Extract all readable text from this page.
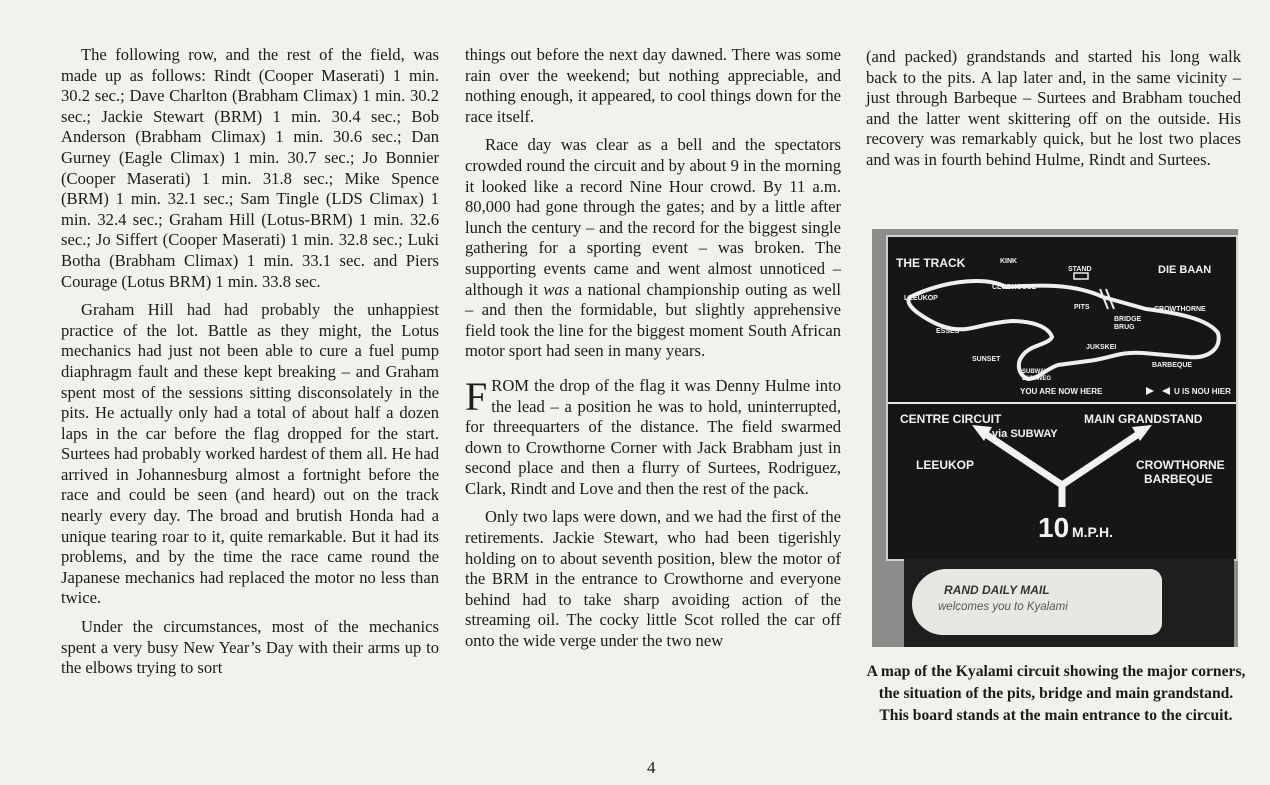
The following row, and the rest of the field, was made up as follows: Rindt (Cooper Maserati) 1 min. 30.2 sec.; Dave Charlton (Brabham Climax) 1 min. 30.2 sec.; Jackie Stewart (BRM) 1 min. 30.4 sec.; Bob Anderson (Brabham Climax) 1 min. 30.6 sec.; Dan Gurney (Eagle Climax) 1 min. 30.7 sec.; Jo Bonnier (Cooper Maserati) 1 min. 31.8 sec.; Mike Spence (BRM) 1 min. 32.1 sec.; Sam Tingle (LDS Climax) 1 min. 32.4 sec.; Graham Hill (Lotus-BRM) 1 min. 32.6 sec.; Jo Siffert (Cooper Maserati) 1 min. 32.8 sec.; Luki Botha (Brabham Climax) 1 min. 33.1 sec. and Piers Courage (Lotus BRM) 1 min. 33.8 sec.

Graham Hill had had probably the unhappiest practice of the lot. Battle as they might, the Lotus mechanics had just not been able to cure a fuel pump diaphragm fault and these kept breaking – and Graham spent most of the sessions sitting disconsolately in the pits. He actually only had a total of about half a dozen laps in the car before the flag dropped for the start. Surtees had probably worked hardest of them all. He had arrived in Johannesburg almost a fortnight before the race and could be seen (and heard) out on the track nearly every day. The broad and brutish Honda had a unique tearing roar to it, quite remarkable. But it had its problems, and by the time the race came round the Japanese mechanics had replaced the motor no less than twice.

Under the circumstances, most of the mechanics spent a very busy New Year’s Day with their arms up to the elbows trying to sort

things out before the next day dawned. There was some rain over the weekend; but nothing appreciable, and nothing enough, it appeared, to cool things down for the race itself.

Race day was clear as a bell and the spectators crowded round the circuit and by about 9 in the morning it looked like a record Nine Hour crowd. By 11 a.m. 80,000 had gone through the gates; and by a little after lunch the century – and the record for the biggest single gathering for a sporting event – was broken. The supporting events came and went almost unnoticed – although it was a national championship outing as well – and then the formidable, but slightly apprehensive field took the line for the biggest moment South African motor sport had seen in many years.

FROM the drop of the flag it was Denny Hulme into the lead – a position he was to hold, uninterrupted, for threequarters of the distance. The field swarmed down to Crowthorne Corner with Jack Brabham just in second place and then a flurry of Surtees, Rodriguez, Clark, Rindt and Love and then the rest of the pack.

Only two laps were down, and we had the first of the retirements. Jackie Stewart, who had been tigerishly holding on to about seventh position, blew the motor of the BRM in the entrance to Crowthorne and everyone behind had to take sharp avoiding action of the streaming oil. The cocky little Scot rolled the car off onto the wide verge under the two new

(and packed) grandstands and started his long walk back to the pits. A lap later and, in the same vicinity – just through Barbeque – Surtees and Brabham touched and the latter went skittering off on the outside. His recovery was remarkably quick, but he lost two places and was in fourth behind Hulme, Rindt and Surtees.

THE TRACK	DIE BAAN
KINK
STAND
CLUBHOUSE
LEEUKOP
PITS
BRIDGE
BRUG
CROWTHORNE
ESSES
JUKSKEI
SUNSET
SUBWAY
DUIKWEG
BARBEQUE
YOU ARE NOW HERE	U IS NOU HIER
CENTRE CIRCUIT
via SUBWAY
MAIN GRANDSTAND
LEEUKOP	CROWTHORNE
BARBEQUE
10 M.P.H.
RAND DAILY MAIL
welcomes you to Kyalami
A map of the Kyalami circuit showing the major corners, the situation of the pits, bridge and main grandstand. This board stands at the main entrance to the circuit.
4
